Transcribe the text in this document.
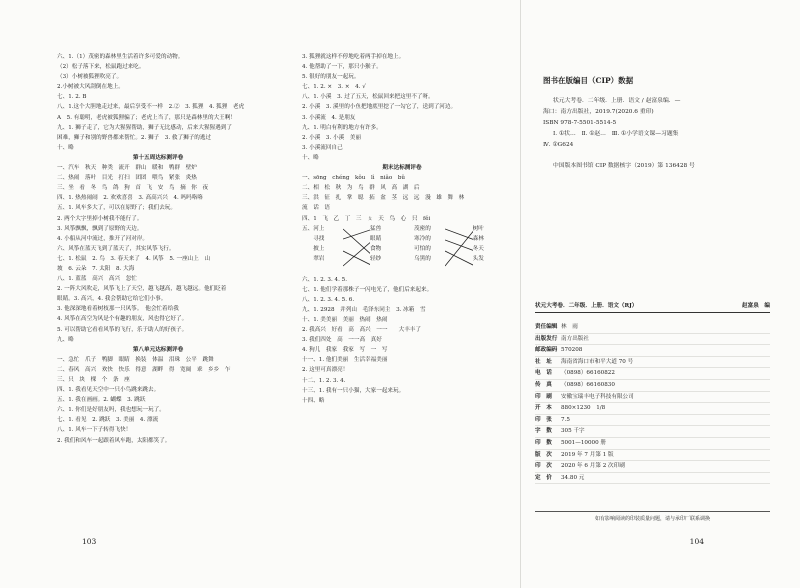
六、1.（1）茂密的森林里生活着许多可爱的动物。
（2）松子落下来，松鼠跑过来吃。
（3）小树被狐狸吹亮了。
2.小树被大风刮倒在地上。
七、1. 2. B
八、1.这个大胆地走过来，最后享受不一样　2.②　3. 狐狸　4. 狐狸　老虎
A　5. 有聪明，老虎被狐狸骗了；老虎上当了，那只是森林里的大王啊！
九、1. 狮子走了，它为大猩猩帮助，狮子无比感动，后来大猩猩遇到了
困难，狮子和别的野兽都来帮忙。2. 狮子　3. 救了狮子的逃过
十、略
第十五周达标测评卷
一、汽车　秋天　种类　流开　群山　暖和　鸭群　壁炉
二、热闹　落叶　目光　打扫　团团　喂鸟　紧张　炎热
三、坐　看　冬　鸟　鸽　狗　首　飞　安　鸟　摘　你　夜
四、1. 热热闹闹　2. 欢欢喜喜　3. 高高兴兴　4. 吗吗咯咯
五、1. 风车多大了，可以在原野了；我们去玩。
2. 两个大字里掉小树我不能行了。
3. 风筝飘飘，飘到了原野的天边。
4. 小船从河中流过，推开了河对岸。
六、风筝在蓝天飞到了蓝天了，其实风筝飞行。
七、1. 松鼠　2. 鸟　3. 春天来了　4. 风筝　5. 一座山上　山
坡　6. 云朵　7. 太阳　8. 大海
八、1. 蓝蓝　高兴　高兴　忽忙
2. 一阵大风吹走，风筝飞上了天空，越飞越高，越飞越远。他们眨着
眼睛。3. 高兴，4. 我会帮助它给它们小事。
3. 他深深地看着树枝那一只风筝。　他会忙着给我
4. 风筝在高空为风是个有趣的朋友，风也得它好了。
5. 可以帮助它看看风筝的飞行，乐于助人的好孩子。
九、略
第八单元达标测评卷
一、急忙　爪子　鸭脚　眼睛　换装　体温　泪珠　公平　跳舞
二、春风　高兴　欢快　快乐　得意　湖畔　得　宽阔　乖　乡乡　乍
三、只　块　棵　个　条　座
四、1. 我看见天空中一只小鸟跳来跳去。
五、1. 我在画画。2. 蝴蝶　3. 跳跃
六、1. 你们是好朋友吗，我也想玩一玩了。
七、1. 看见　2. 跳跃　3. 美丽　4. 漂流
八、1. 风车一下子转得飞快！
2. 我们和风车一起跟着风车跑，太阳都笑了。
3. 狐狸就这样不停地吃着两手掉在地上。
4. 他帮助了一下，那只小猴子。
5. 很好的朋友一起玩。
七、1. 2. ×　3. ×　4. √
八、1. 小溪　3. 过了五天，松鼠回来把这里不了呀。
2. 小溪　3. 溪里的小鱼把地底里挖了一勾它了，送到了河边。
3. 小溪流　4. 是朋友
九、1. 明白有利的地方有许多。
2. 小溪　3. 小溪　美丽
3. 小溪流回自己
十、略
期末达标测评卷
一、sōng　chéng　kǒu　lì　niǎo　bǔ
二、相　松　秋　为　鸟　群　风　高　湖　后
三、洪　征　扎　掌　聪　拓　盆　茎　远　远　漫　雄　舞　林
流　话　语
四、1　飞　乙　丁　三　ㄆ　天　鸟　心　只　fěi
五、 河上
寻找
披上
翠岩
猛兽
眼睛
食物
轻纱
茂密的
寒冷的
可怕的
乌黑的
树叶
森林
冬天
头发
六、1. 2. 3. 4. 5.
七、1. 他们学着那株子一闪电光了，他们后来起来。
八、1. 2. 3. 4. 5. 6.
九、1. 2928　并列山　毛泽东同主　3. 冰箱　雪
十、1. 美美丽　美丽　热闹　热闹
2. 我高兴　好看　高　高兴　一一　　大丰丰了
3. 我们四处　高　一一高　真好
4. 狗儿　我家　我家　写　一　写
十一、1. 他们美丽　生活幸福美丽
2. 这里可真漂亮！
十二、1. 2. 3. 4.
十三、1. 我有一只小猫，大家一起来玩。
十四、略
103
图书在版编目（CIP）数据
状元大考卷．二年级．上册．语文 / 赵富泉编．—
海口：南方出版社，2019.7(2020.6 重印)
ISBN 978-7-5501-5514-5
Ⅰ. ①状…　Ⅱ. ①赵…　Ⅲ. ①小学语文课—习题集
Ⅳ. ①G624
中国版本图书馆 CIP 数据核字（2019）第 136428 号
状元大考卷．二年级．上册．语文（RJ）	赵富泉　编
责任编辑 林　雨
出版发行 南方出版社
邮政编码 570208
社　址	海南省海口市和平大道 70 号
电　话	（0898）66160822
传　真	（0898）66160830
印　刷	安徽宝瑞丰电子科技有限公司
开　本	880×1230　1/8
印　张	7.5
字　数	305 千字
印　数	5001—10000 册
版　次	2019 年 7 月第 1 版
印　次	2020 年 6 月第 2 次印刷
定　价	34.80 元
如有影响阅读的印装质量问题，请与承印厂联系调换
104
